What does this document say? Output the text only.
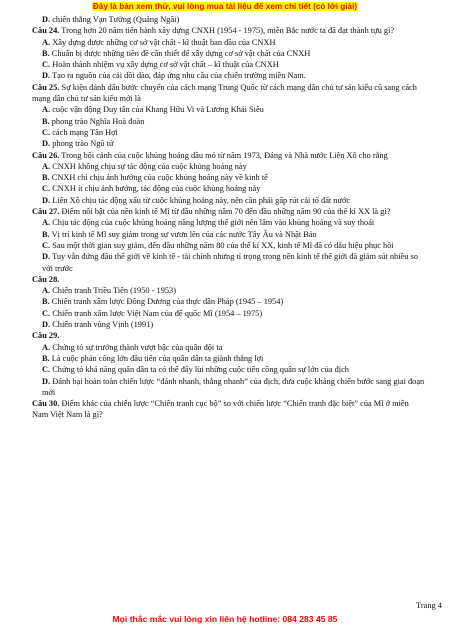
Đây là bản xem thử, vui lòng mua tài liệu để xem chi tiết (có lời giải)
D. chiến thắng Vạn Tường (Quảng Ngãi)
Câu 24. Trong hơn 20 năm tiến hành xây dựng CNXH (1954 - 1975), miền Bắc nước ta đã đạt thành tựu gì?
A. Xây dựng được những cơ sở vật chất - kĩ thuật ban đầu của CNXH
B. Chuẩn bị được những tiền đề cần thiết để xây dựng cơ sở vật chất của CNXH
C. Hoàn thành nhiệm vụ xây dựng cơ sở vật chất – kĩ thuật của CNXH
D. Tạo ra nguồn của cải dồi dào, đáp ứng nhu cầu của chiến trường miền Nam.
Câu 25. Sự kiện đánh dấu bước chuyển của cách mạng Trung Quốc từ cách mạng dân chủ tư sản kiểu cũ sang cách mạng dân chủ tư sản kiểu mới là
A. cuộc vận động Duy tân của Khang Hữu Vi và Lương Khải Siêu
B. phong trào Nghĩa Hoà đoàn
C. cách mạng Tân Hợi
D. phong trào Ngũ tứ
Câu 26. Trong bối cảnh của cuộc khủng hoảng dầu mỏ từ năm 1973, Đảng và Nhà nước Liên Xô cho rằng
A. CNXH không chịu sự tác động của cuộc khủng hoảng này
B. CNXH chỉ chịu ảnh hưởng của cuộc khủng hoảng này về kinh tế
C. CNXH ít chịu ảnh hưởng, tác động của cuộc khủng hoảng này
D. Liên Xô chịu tác động xấu từ cuộc khủng hoảng này, nên cần phải gấp rút cải tổ đất nước
Câu 27. Điểm nổi bật của nền kinh tế Mĩ từ đầu những năm 70 đến đầu những năm 90 của thế kỉ XX là gì?
A. Chịu tác động của cuộc khủng hoảng năng lượng thế giới nên lâm vào khủng hoảng và suy thoái
B. Vị trí kinh tế Mĩ suy giảm trong sự vươn lên của các nước Tây Âu và Nhật Bản
C. Sau một thời gian suy giảm, đến đầu những năm 80 của thế kỉ XX, kinh tế Mĩ đã có dấu hiệu phục hồi
D. Tuy vẫn đứng đầu thế giới về kinh tế - tài chính nhưng tỉ trọng trong nền kinh tế thế giới đã giảm sút nhiều so với trước
Câu 28.
A. Chiến tranh Triều Tiên (1950 - 1953)
B. Chiến tranh xâm lược Đông Dương của thực dân Pháp (1945 – 1954)
C. Chiến tranh xâm lược Việt Nam của đế quốc Mĩ (1954 – 1975)
D. Chiến tranh vùng Vịnh (1991)
Câu 29.
A. Chứng tỏ sự trưởng thành vượt bậc của quân đội ta
B. Là cuộc phản công lớn đầu tiên của quân dân ta giành thắng lợi
C. Chứng tỏ khả năng quân dân ta có thể đẩy lùi những cuộc tiến công quân sự lớn của địch
D. Đánh bại hoàn toàn chiến lược “đánh nhanh, thắng nhanh” của địch, đưa cuộc kháng chiến bước sang giai đoạn mới
Câu 30. Điểm khác của chiến lược “Chiến tranh cục bộ” so với chiến lược “Chiến tranh đặc biệt” của Mĩ ở miền Nam Việt Nam là gì?
Trang 4
Mọi thắc mắc vui lòng xin liên hệ hotline: 084 283 45 85
